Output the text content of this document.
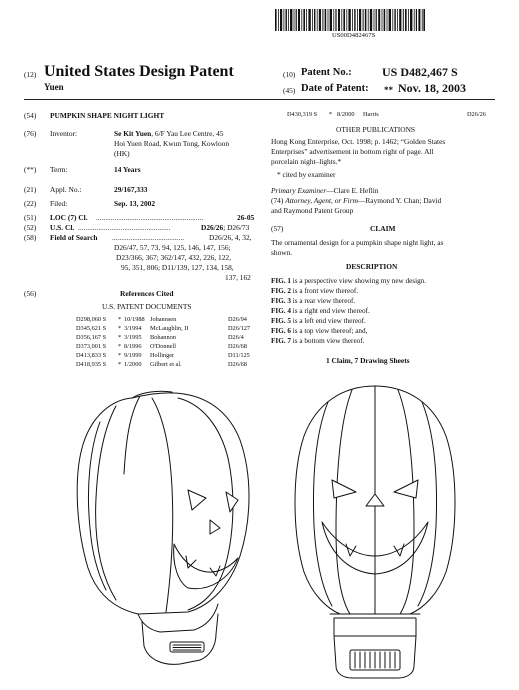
US00D482467S
(12) United States Design Patent
Yuen
(10) Patent No.:	US D482,467 S
(45) Date of Patent: ** Nov. 18, 2003
(54) PUMPKIN SHAPE NIGHT LIGHT
(76) Inventor:	Se Kit Yuen, 6/F Yau Lee Centre, 45
Hoi Yuen Road, Kwun Tong, Kowloon
(HK)
(**) Term:	14 Years
(21) Appl. No.:	29/167,333
(22) Filed:	Sep. 13, 2002
(51) LOC (7) Cl. ..........................................................	26-05
(52) U.S. Cl. ..................................................	D26/26; D26/73
(58) Field of Search .......................................	D26/26, 4, 32,
D26/47, 57, 73, 94, 125, 146, 147, 156;
D23/366, 367; 362/147, 432, 226, 122,
95, 351, 806; D11/139, 127, 134, 158,
137, 162
(56)	References Cited
U.S. PATENT DOCUMENTS
D298,060 S * 10/1988 Johannsen	D26/94
D345,621 S * 3/1994 McLaughlin, II	D26/127
D356,167 S * 3/1995 Bohannon	D26/4
D373,001 S * 8/1996 O'Donnell	D26/68
D413,833 S * 9/1999 Hollinger	D11/125
D418,935 S * 1/2000 Gilbert et al.	D26/68
D430,319 S * 8/2000 Harris	D26/26
OTHER PUBLICATIONS
Hong Kong Enterprise, Oct. 1998; p. 1462; “Golden States
Enterprises” advertisement in bottom right of page. All
porcelain night–lights.*
* cited by examiner
Primary Examiner—Clare E. Heflin
(74) Attorney, Agent, or Firm—Raymond Y. Chan; David
and Raymond Patent Group
(57)	CLAIM
The ornamental design for a pumpkin shape night light, as
shown.
DESCRIPTION
FIG. 1 is a perspective view showing my new design.
FIG. 2 is a front view thereof.
FIG. 3 is a rear view thereof.
FIG. 4 is a right end view thereof.
FIG. 5 is a left end view thereof.
FIG. 6 is a top view thereof; and,
FIG. 7 is a bottom view thereof.
1 Claim, 7 Drawing Sheets
